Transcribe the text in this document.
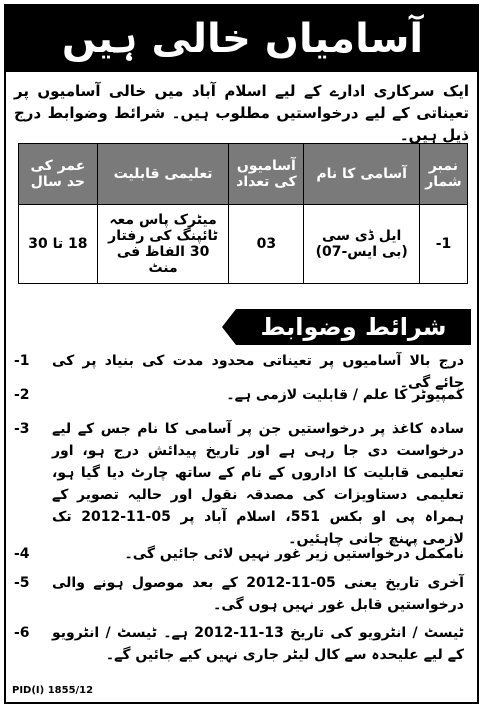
آسامیاں خالی ہیں
ایک سرکاری ادارے کے لیے اسلام آباد میں خالی آسامیوں پر تعیناتی کے لیے درخواستیں مطلوب ہیں۔ شرائط وضوابط درج ذیل ہیں۔
نمبر شمار	آسامی کا نام	آسامیوں کی تعداد	تعلیمی قابلیت	عمر کی حد سال
-1	ایل ڈی سی (بی ایس-07)	03	میٹرک پاس معہ ٹائپنگ کی رفتار 30 الفاظ فی منٹ	18 تا 30
شرائط وضوابط
درج بالا آسامیوں پر تعیناتی محدود مدت کی بنیاد پر کی جائے گی۔
-1
کمپیوٹر کا علم / قابلیت لازمی ہے۔
-2
سادہ کاغذ پر درخواستیں جن پر آسامی کا نام جس کے لیے درخواست دی جا رہی ہے اور تاریخ پیدائش درج ہو، اور تعلیمی قابلیت کا اداروں کے نام کے ساتھ چارٹ دیا گیا ہو، تعلیمی دستاویزات کی مصدقہ نقول اور حالیہ تصویر کے ہمراہ پی او بکس 551، اسلام آباد پر 05-11-2012 تک لازمی پہنچ جانی چاہئیں۔
-3
نامکمل درخواستیں زیر غور نہیں لائی جائیں گی۔
-4
آخری تاریخ یعنی 05-11-2012 کے بعد موصول ہونے والی درخواستیں قابل غور نہیں ہوں گی۔
-5
ٹیسٹ / انٹرویو کی تاریخ 13-11-2012 ہے۔ ٹیسٹ / انٹرویو کے لیے علیحدہ سے کال لیٹر جاری نہیں کیے جائیں گے۔
-6
PID(I) 1855/12
